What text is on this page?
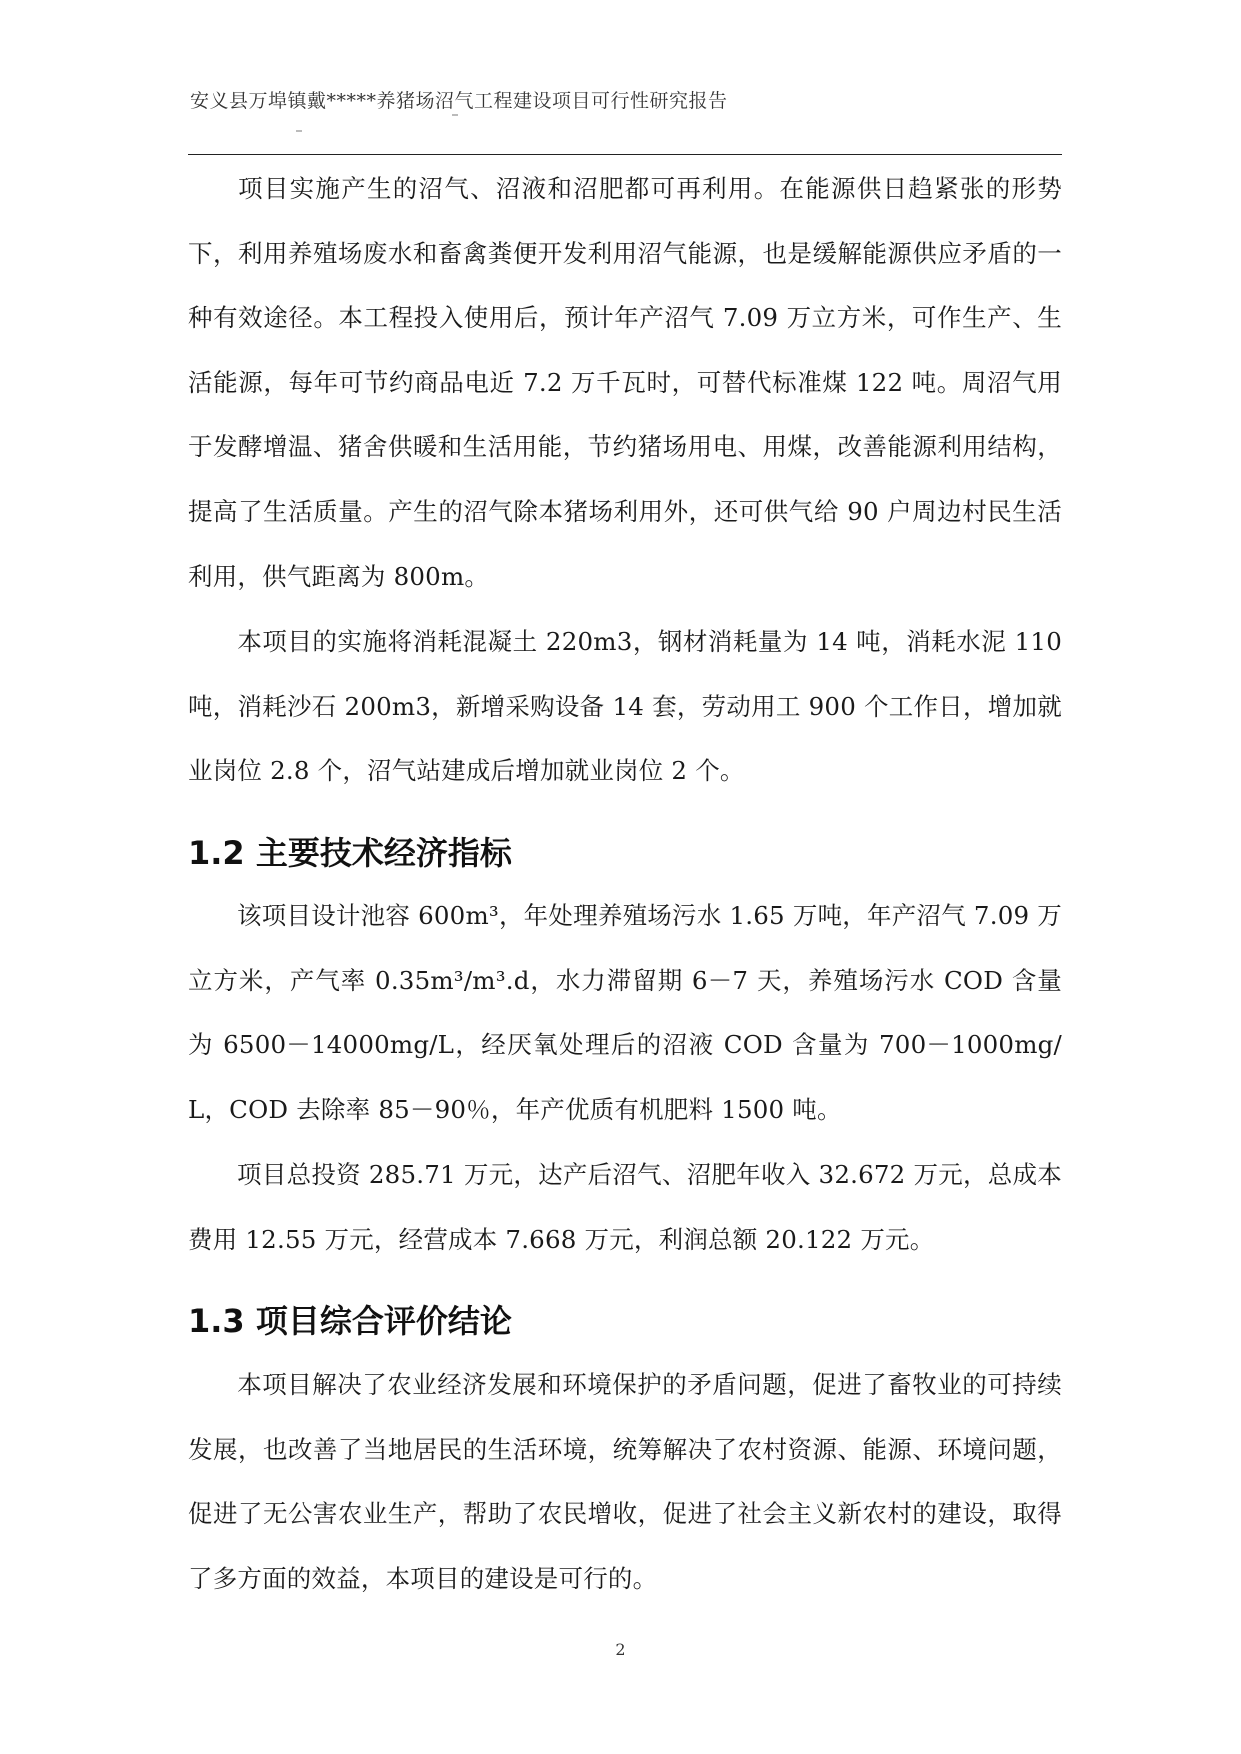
安义县万埠镇戴*****养猪场沼气工程建设项目可行性研究报告

项目实施产生的沼气、沼液和沼肥都可再利用。在能源供日趋紧张的形势下，利用养殖场废水和畜禽粪便开发利用沼气能源，也是缓解能源供应矛盾的一种有效途径。本工程投入使用后，预计年产沼气 7.09 万立方米，可作生产、生活能源，每年可节约商品电近 7.2 万千瓦时，可替代标准煤 122 吨。周沼气用于发酵增温、猪舍供暖和生活用能，节约猪场用电、用煤，改善能源利用结构，提高了生活质量。产生的沼气除本猪场利用外，还可供气给 90 户周边村民生活利用，供气距离为 800m。

本项目的实施将消耗混凝土 220m3，钢材消耗量为 14 吨，消耗水泥 110 吨，消耗沙石 200m3，新增采购设备 14 套，劳动用工 900 个工作日，增加就业岗位 2.8 个，沼气站建成后增加就业岗位 2 个。

1.2 主要技术经济指标

该项目设计池容 600m³，年处理养殖场污水 1.65 万吨，年产沼气 7.09 万立方米，产气率 0.35m³/m³.d，水力滞留期 6－7 天，养殖场污水 COD 含量为 6500－14000mg/L，经厌氧处理后的沼液 COD 含量为 700－1000mg/L，COD 去除率 85－90％，年产优质有机肥料 1500 吨。

项目总投资 285.71 万元，达产后沼气、沼肥年收入 32.672 万元，总成本费用 12.55 万元，经营成本 7.668 万元，利润总额 20.122 万元。

1.3 项目综合评价结论

本项目解决了农业经济发展和环境保护的矛盾问题，促进了畜牧业的可持续发展，也改善了当地居民的生活环境，统筹解决了农村资源、能源、环境问题，促进了无公害农业生产，帮助了农民增收，促进了社会主义新农村的建设，取得了多方面的效益，本项目的建设是可行的。

2
